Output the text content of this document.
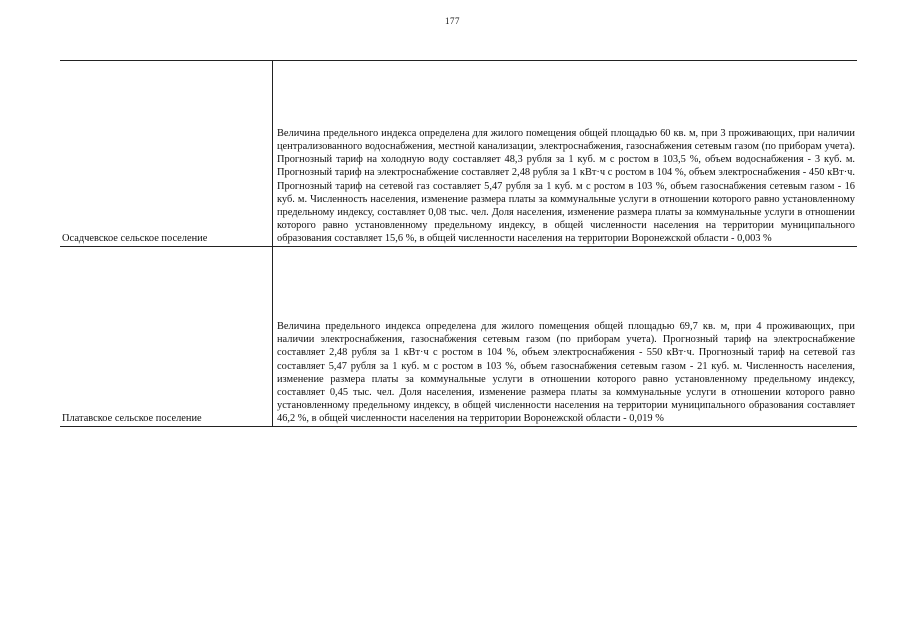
177
Осадчевское сельское поселение

Величина предельного индекса определена для жилого помещения общей площадью 60 кв. м, при 3 проживающих, при наличии централизованного водоснабжения, местной канализации, электроснабжения, газоснабжения сетевым газом (по приборам учета). Прогнозный тариф на холодную воду составляет 48,3 рубля за 1 куб. м с ростом в 103,5 %, объем водоснабжения - 3 куб. м. Прогнозный тариф на электроснабжение составляет 2,48 рубля за 1 кВт·ч с ростом в 104 %, объем электроснабжения - 450 кВт·ч. Прогнозный тариф на сетевой газ составляет 5,47 рубля за 1 куб. м с ростом в 103 %, объем газоснабжения сетевым газом - 16 куб. м. Численность населения, изменение размера платы за коммунальные услуги в отношении которого равно установленному предельному индексу, составляет 0,08 тыс. чел. Доля населения, изменение размера платы за коммунальные услуги в отношении которого равно установленному предельному индексу, в общей численности населения на территории муниципального образования составляет 15,6 %, в общей численности населения на территории Воронежской области - 0,003 %

Платавское сельское поселение

Величина предельного индекса определена для жилого помещения общей площадью 69,7 кв. м, при 4 проживающих, при наличии электроснабжения, газоснабжения сетевым газом (по приборам учета). Прогнозный тариф на электроснабжение составляет 2,48 рубля за 1 кВт·ч с ростом в 104 %, объем электроснабжения - 550 кВт·ч. Прогнозный тариф на сетевой газ составляет 5,47 рубля за 1 куб. м с ростом в 103 %, объем газоснабжения сетевым газом - 21 куб. м. Численность населения, изменение размера платы за коммунальные услуги в отношении которого равно установленному предельному индексу, составляет 0,45 тыс. чел. Доля населения, изменение размера платы за коммунальные услуги в отношении которого равно установленному предельному индексу, в общей численности населения на территории муниципального образования составляет 46,2 %, в общей численности населения на территории Воронежской области - 0,019 %
